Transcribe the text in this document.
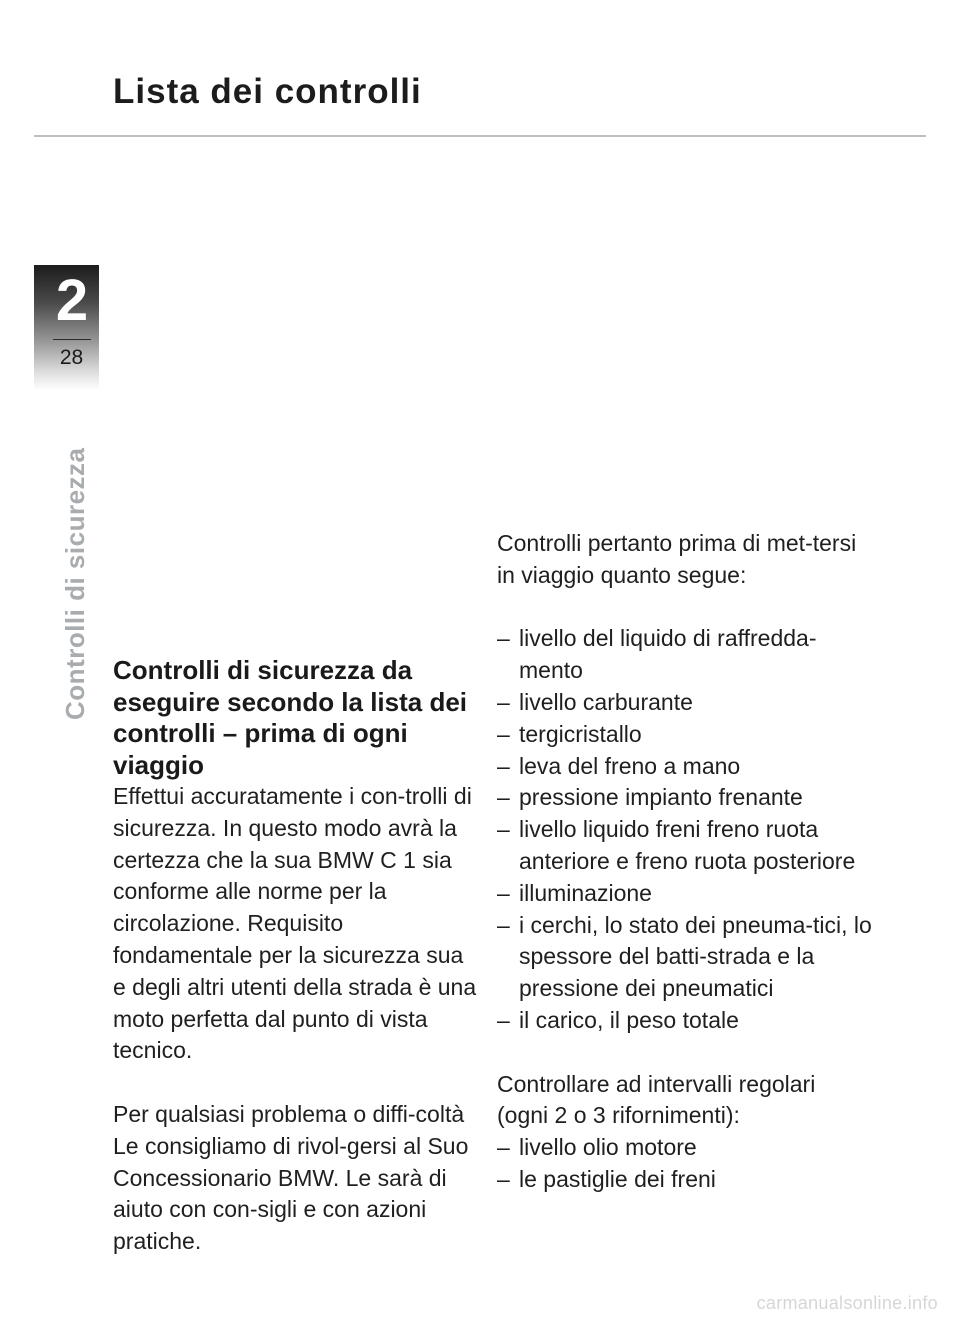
Lista dei controlli
2
28
Controlli di sicurezza Controlli di sicurezza da eseguire secondo la lista dei controlli – prima di ogni viaggio

Effettui accuratamente i con-trolli di sicurezza. In questo modo avrà la certezza che la sua BMW C 1 sia conforme alle norme per la circolazione. Requisito fondamentale per la sicurezza sua e degli altri utenti della strada è una moto perfetta dal punto di vista tecnico.

Per qualsiasi problema o diffi-coltà Le consigliamo di rivol-gersi al Suo Concessionario BMW. Le sarà di aiuto con con-sigli e con azioni pratiche.

Controlli pertanto prima di met-tersi in viaggio quanto segue:

– livello del liquido di raffredda-mento
– livello carburante
– tergicristallo
– leva del freno a mano
– pressione impianto frenante
– livello liquido freni freno ruota anteriore e freno ruota posteriore
– illuminazione
– i cerchi, lo stato dei pneuma-tici, lo spessore del batti-strada e la pressione dei pneumatici
– il carico, il peso totale

Controllare ad intervalli regolari (ogni 2 o 3 rifornimenti):

– livello olio motore
– le pastiglie dei freni
carmanualsonline.info
